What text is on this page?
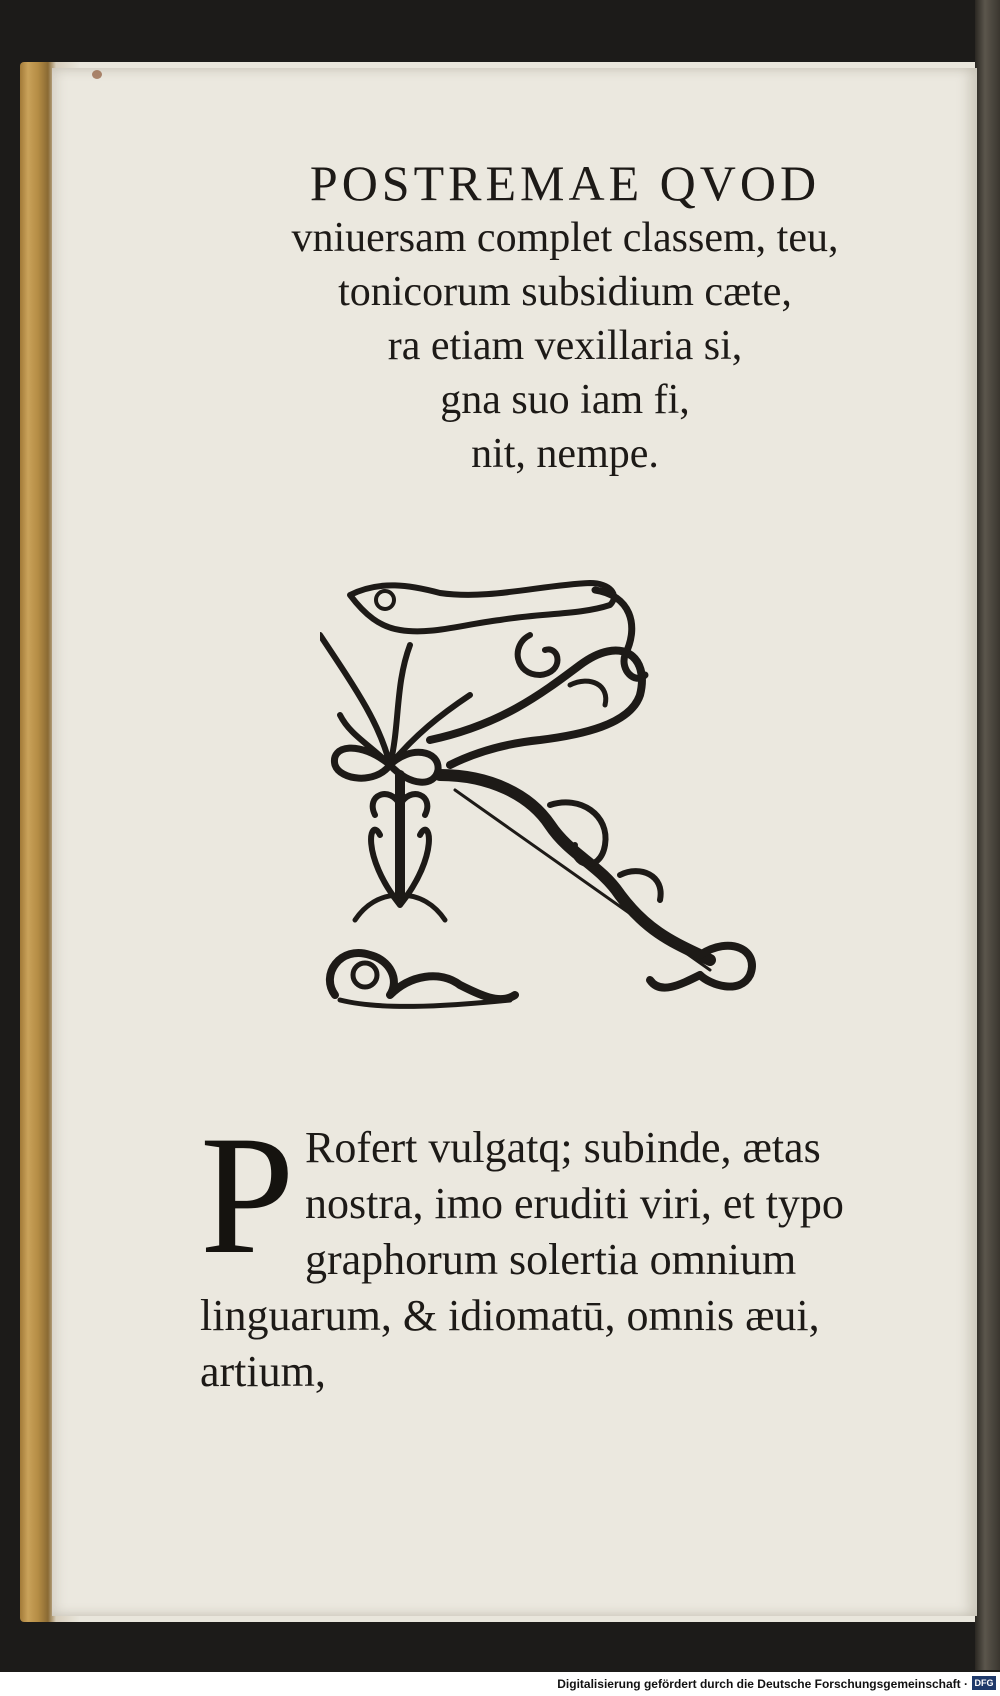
POSTREMAE QVOD
vniuersam complet classem, teu,
tonicorum subsidium cæte,
ra etiam vexillaria si,
gna suo iam fi,
nit, nempe.
P Rofert vulgatq; subinde, ætas
nostra, imo eruditi viri, et typo
graphorum solertia omnium
linguarum, & idiomatū, omnis æui,
artium,
Digitalisierung gefördert durch die Deutsche Forschungsgemeinschaft · DFG
